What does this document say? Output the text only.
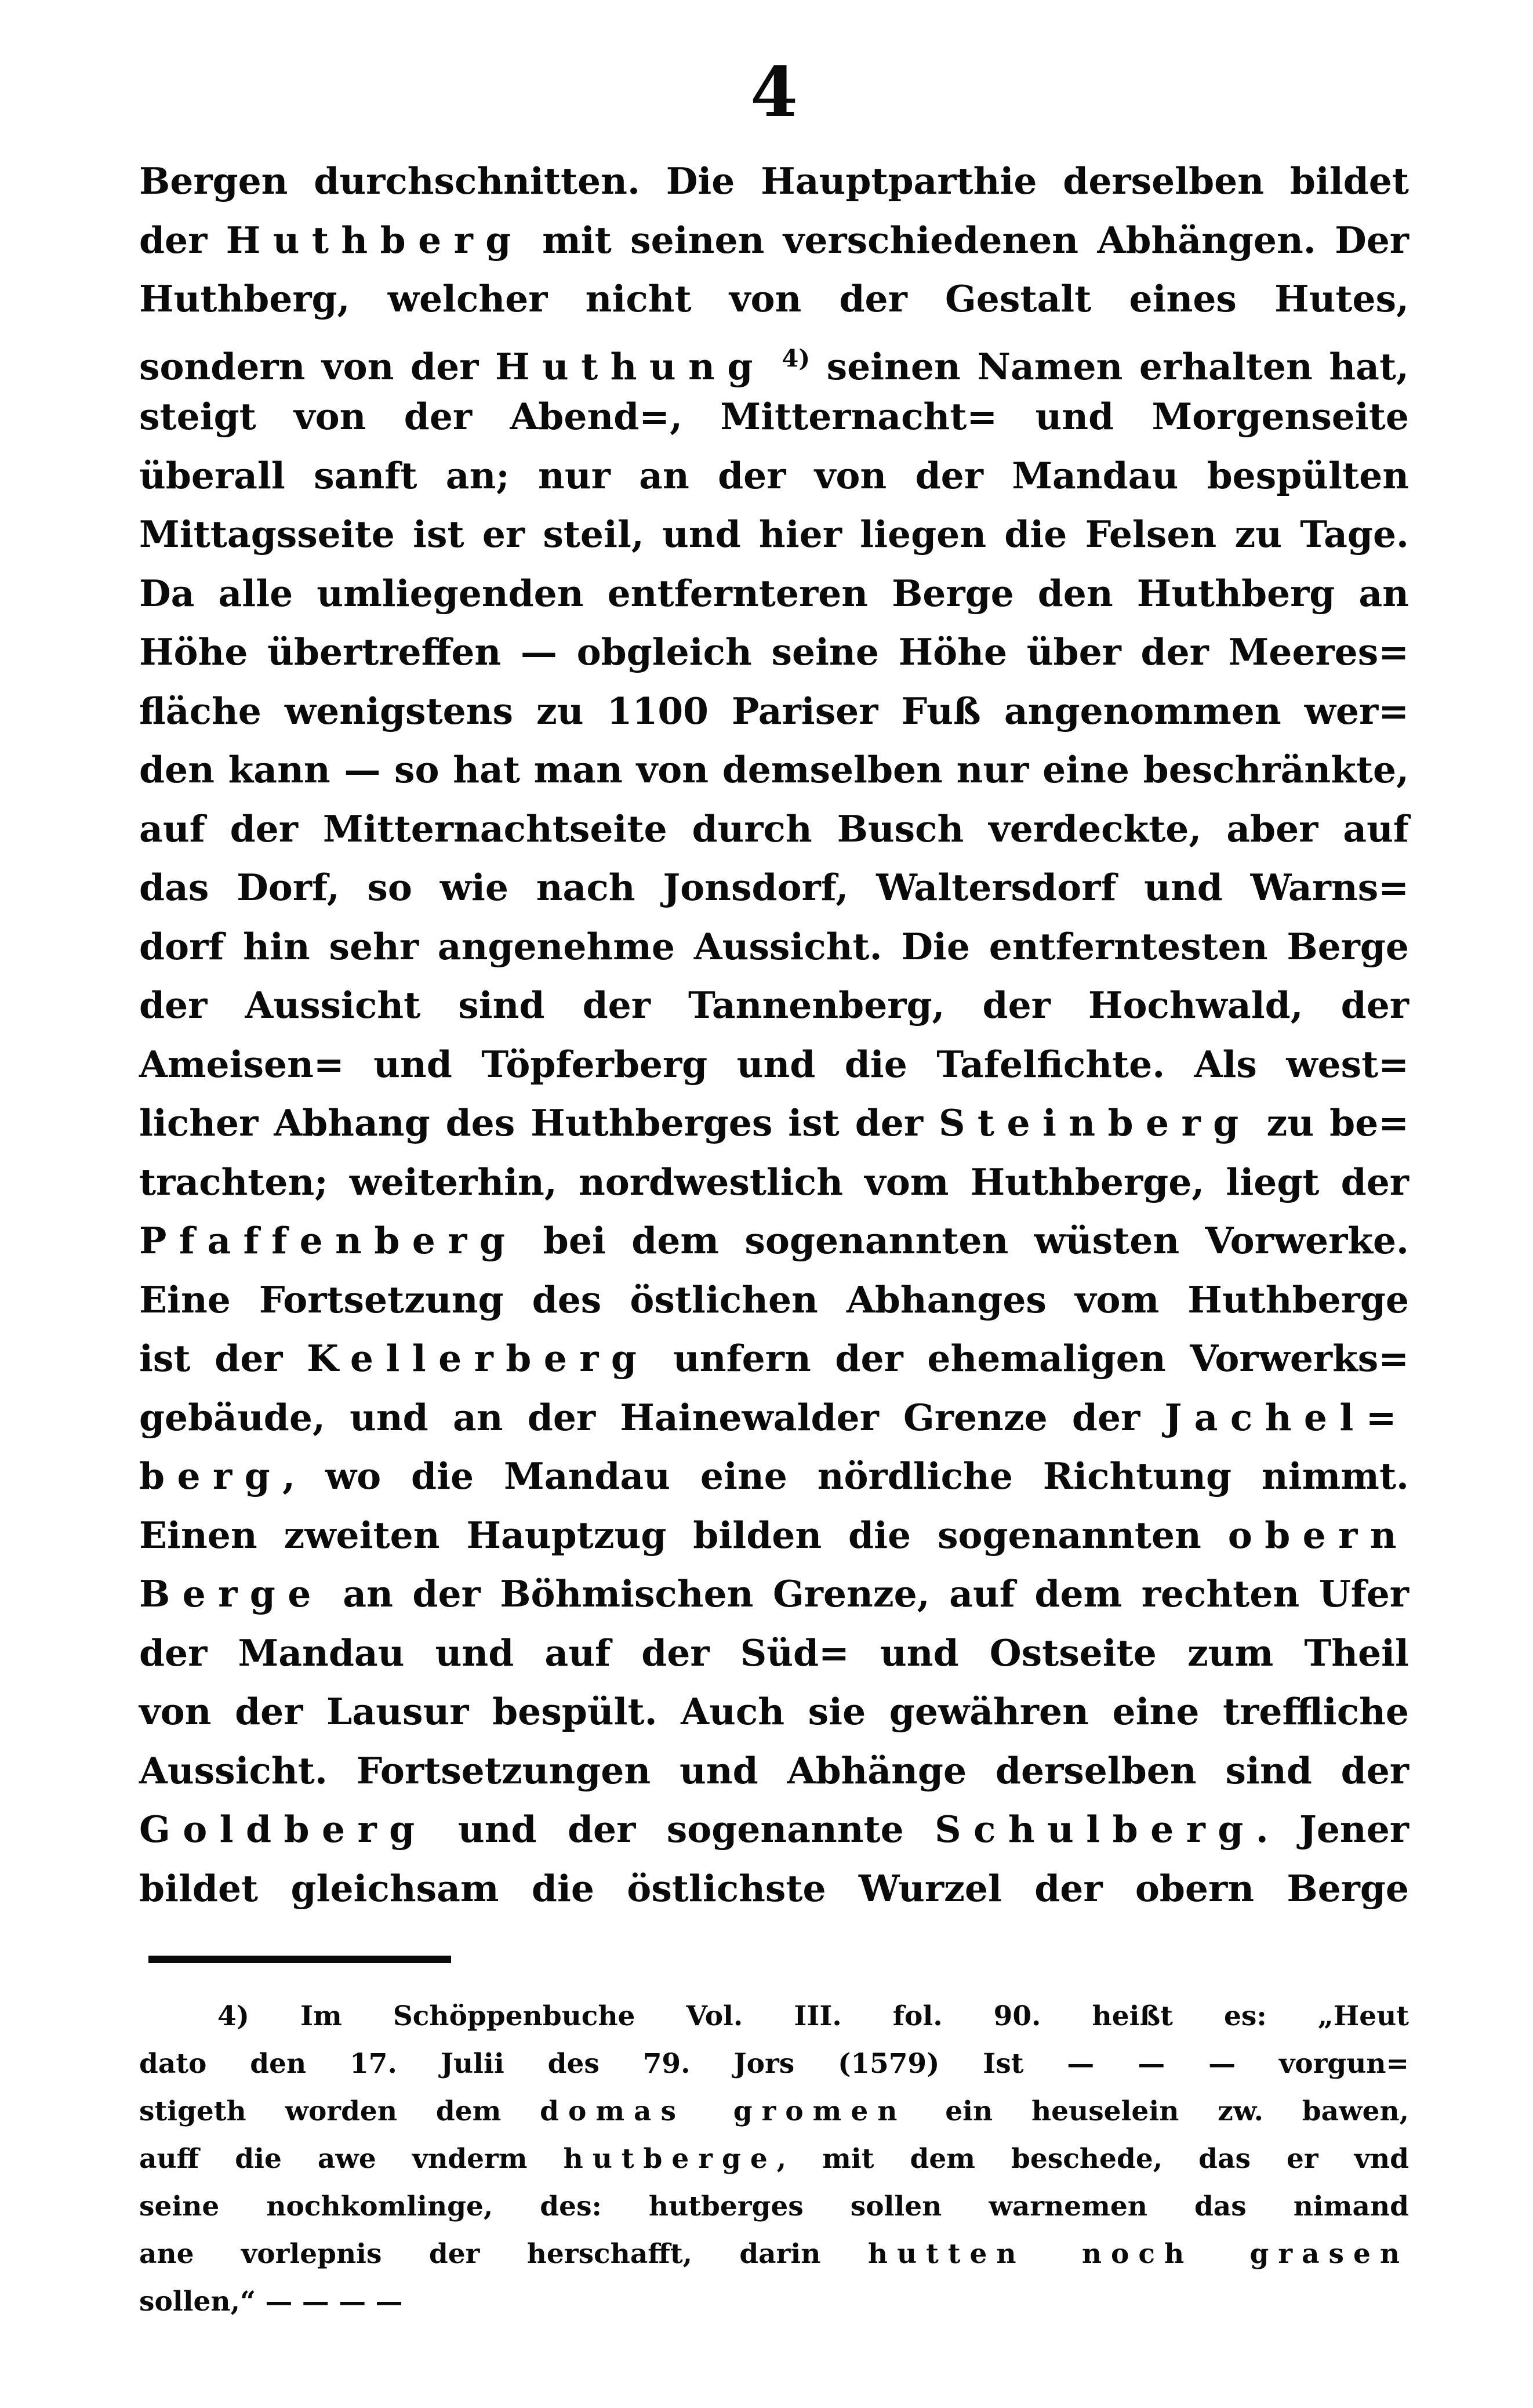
4
Bergen durchschnitten. Die Hauptparthie derselben bildet
der Huthberg mit seinen verschiedenen Abhängen. Der
Huthberg, welcher nicht von der Gestalt eines Hutes,
sondern von der Huthung $^{4)}$ seinen Namen erhalten hat,
steigt von der Abend=, Mitternacht= und Morgenseite
überall sanft an; nur an der von der Mandau bespülten
Mittagsseite ist er steil, und hier liegen die Felsen zu Tage.
Da alle umliegenden entfernteren Berge den Huthberg an
Höhe übertreffen — obgleich seine Höhe über der Meeres=
fläche wenigstens zu 1100 Pariser Fuß angenommen wer=
den kann — so hat man von demselben nur eine beschränkte,
auf der Mitternachtseite durch Busch verdeckte, aber auf
das Dorf, so wie nach Jonsdorf, Waltersdorf und Warns=
dorf hin sehr angenehme Aussicht. Die entferntesten Berge
der Aussicht sind der Tannenberg, der Hochwald, der
Ameisen= und Töpferberg und die Tafelfichte. Als west=
licher Abhang des Huthberges ist der Steinberg zu be=
trachten; weiterhin, nordwestlich vom Huthberge, liegt der
Pfaffenberg bei dem sogenannten wüsten Vorwerke.
Eine Fortsetzung des östlichen Abhanges vom Huthberge
ist der Kellerberg unfern der ehemaligen Vorwerks=
gebäude, und an der Hainewalder Grenze der Jachel=
berg, wo die Mandau eine nördliche Richtung nimmt.
Einen zweiten Hauptzug bilden die sogenannten obern
Berge an der Böhmischen Grenze, auf dem rechten Ufer
der Mandau und auf der Süd= und Ostseite zum Theil
von der Lausur bespült. Auch sie gewähren eine treffliche
Aussicht. Fortsetzungen und Abhänge derselben sind der
Goldberg und der sogenannte Schulberg. Jener
bildet gleichsam die östlichste Wurzel der obern Berge
4) Im Schöppenbuche Vol. III. fol. 90. heißt es: „Heut
dato den 17. Julii des 79. Jors (1579) Ist — — — vorgun=
stigeth worden dem domas gromen ein heuselein zw. bawen,
auff die awe vnderm hutberge, mit dem beschede, das er vnd
seine nochkomlinge, des: hutberges sollen warnemen das nimand
ane vorlepnis der herschafft, darin hutten noch grasen
sollen,“ — — — —
